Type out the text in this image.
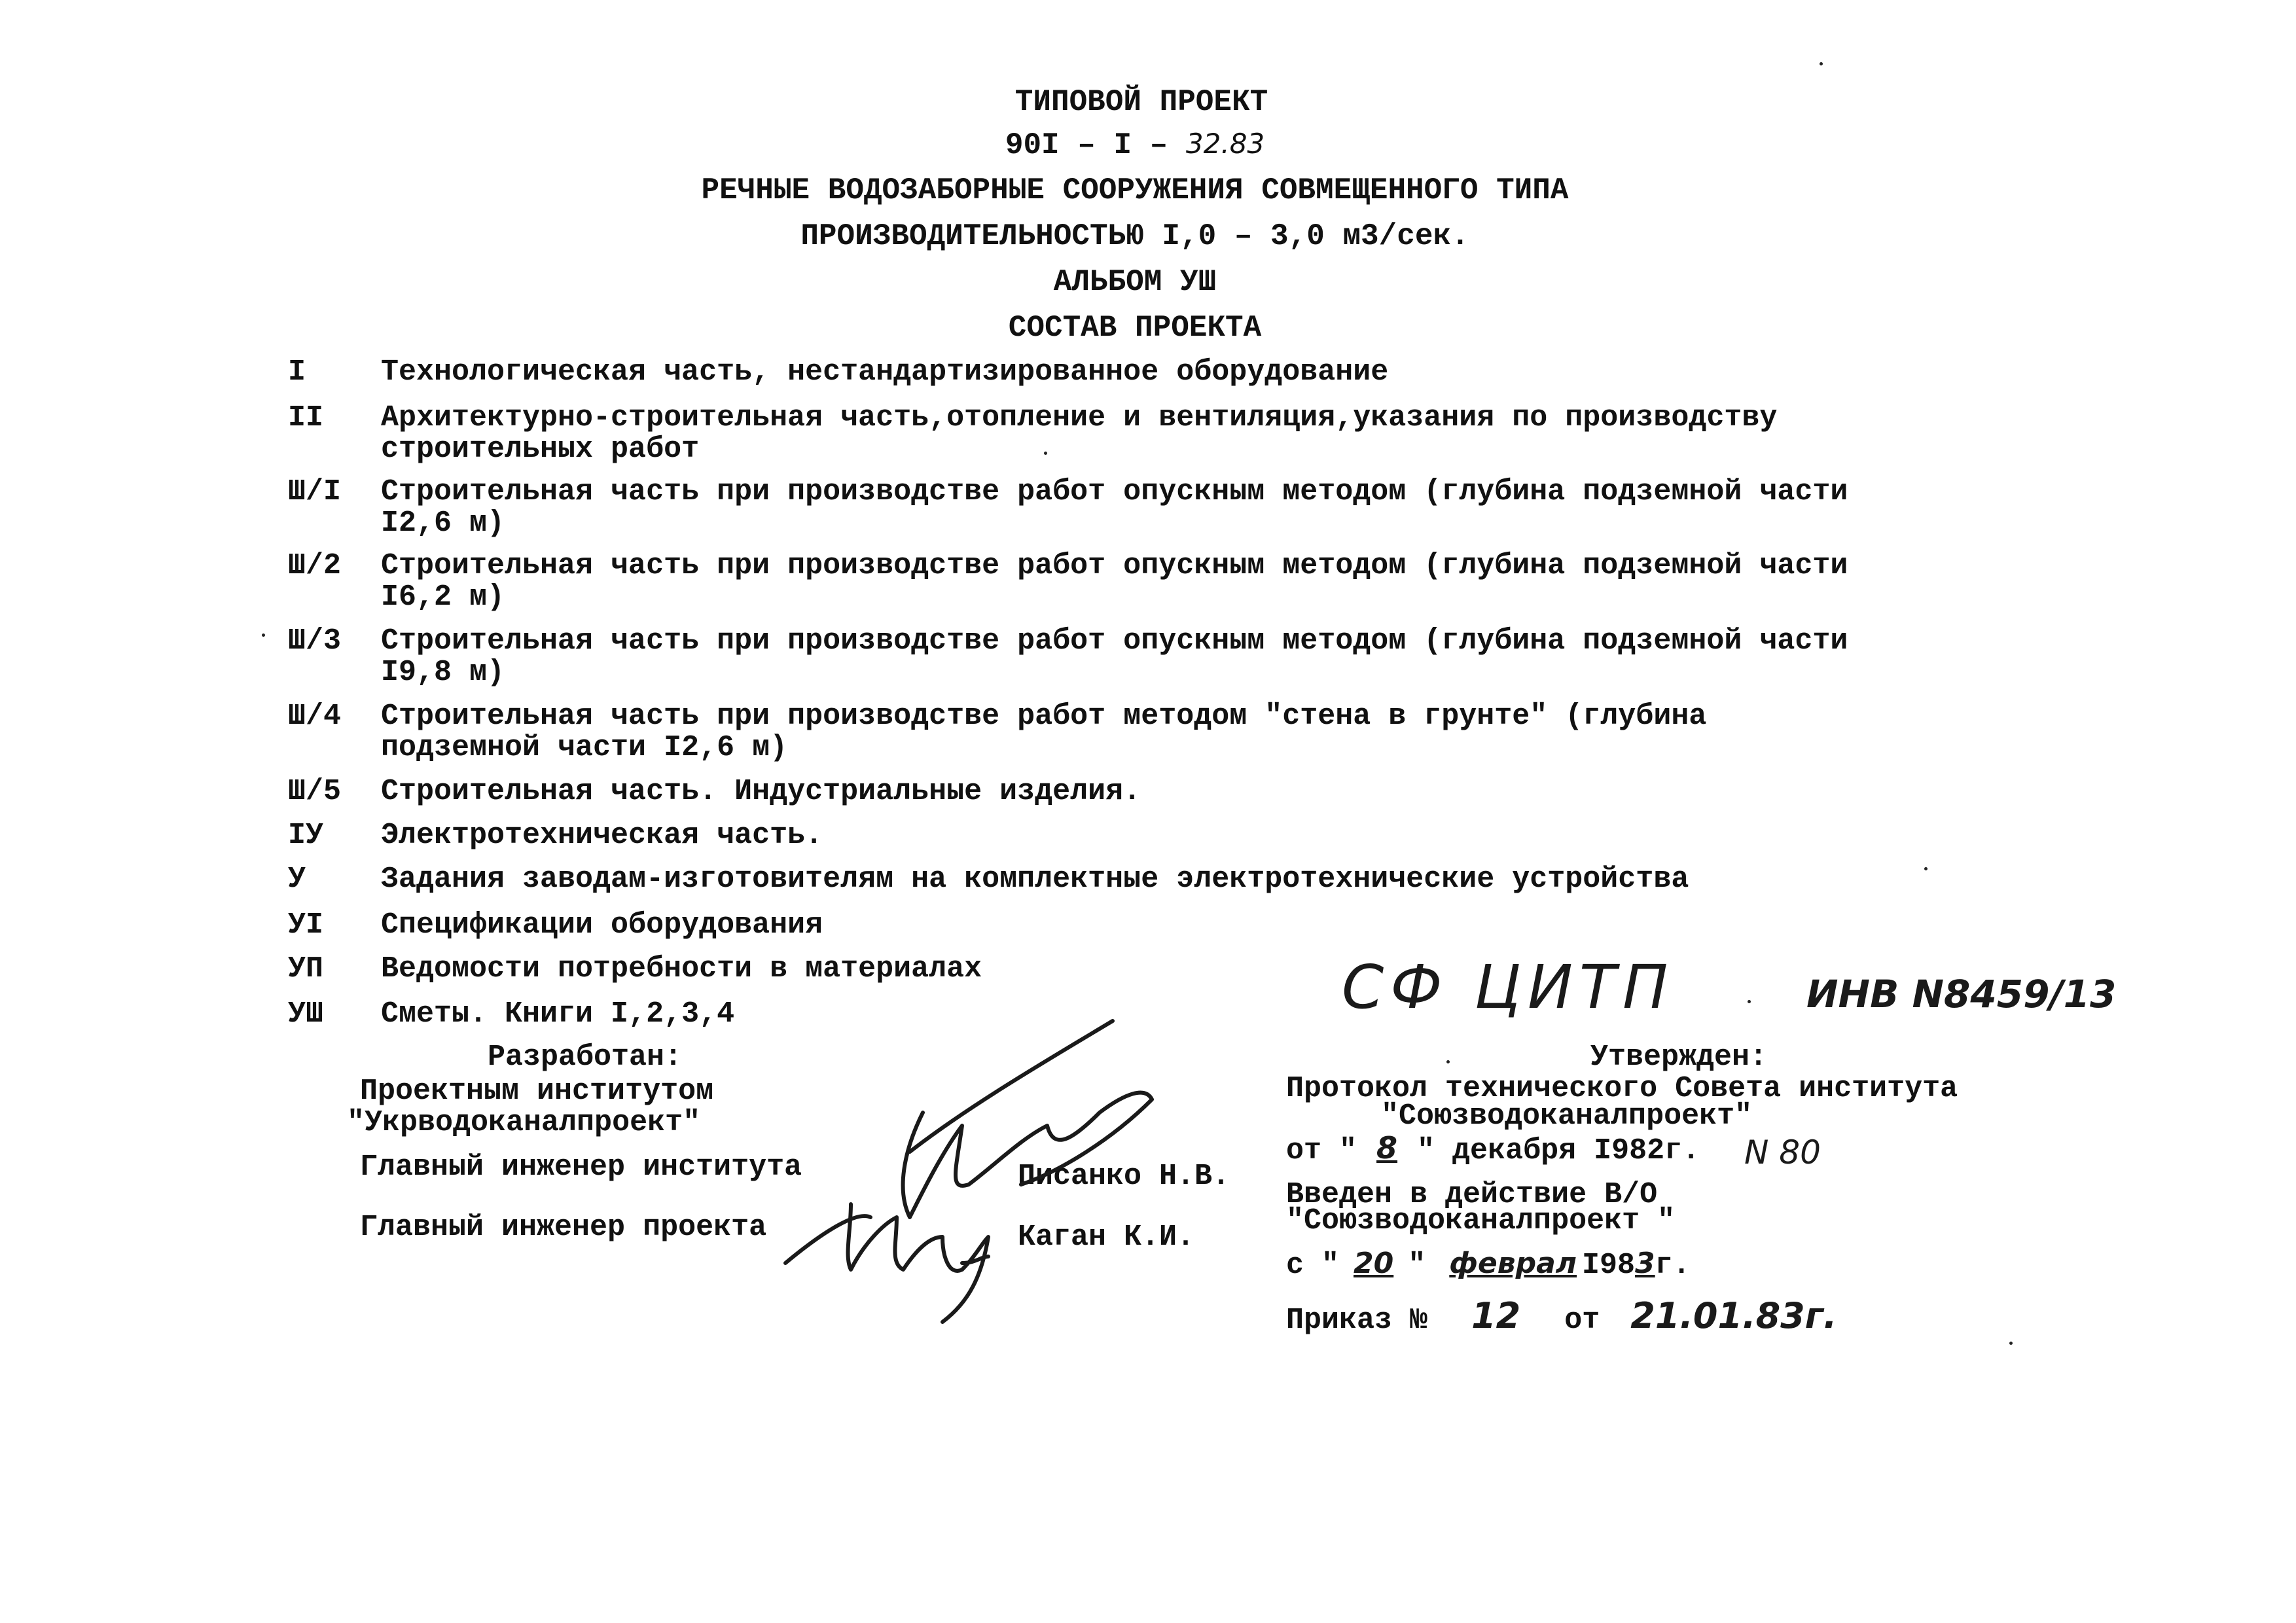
ТИПОВОЙ ПРОЕКТ
90I – I – 32.83
РЕЧНЫЕ ВОДОЗАБОРНЫЕ СООРУЖЕНИЯ СОВМЕЩЕННОГО ТИПА
ПРОИЗВОДИТЕЛЬНОСТЬЮ I,0 – 3,0 м3/сек.
АЛЬБОМ УШ
СОСТАВ ПРОЕКТА
I	Технологическая часть, нестандартизированное оборудование
II	Архитектурно-строительная часть,отопление и вентиляция,указания по производству строительных работ
Ш/I	Строительная часть при производстве работ опускным методом (глубина подземной части I2,6 м)
Ш/2	Строительная часть при производстве работ опускным методом (глубина подземной части I6,2 м)
Ш/3	Строительная часть при производстве работ опускным методом (глубина подземной части I9,8 м)
Ш/4	Строительная часть при производстве работ методом "стена в грунте" (глубина подземной части I2,6 м)
Ш/5	Строительная часть. Индустриальные изделия.
IУ	Электротехническая часть.
У	Задания заводам-изготовителям на комплектные электротехнические устройства
УI	Спецификации оборудования
УП	Ведомости потребности в материалах
УШ	Сметы. Книги I,2,3,4	СФ ЦИТП	ИНВ N8459/13
Разработан:
Проектным институтом
"Укрводоканалпроект"
Главный инженер института
Главный инженер проекта
Писанко Н.В.
Каган К.И.
Утвержден:
Протокол технического Совета института
"Союзводоканалпроект"
от " 8 " декабря I982г. N 80
Введен в действие В/О
"Союзводоканалпроект "
с " 20 " феврал I983г.
Приказ № 12 от 21.01.83г.
